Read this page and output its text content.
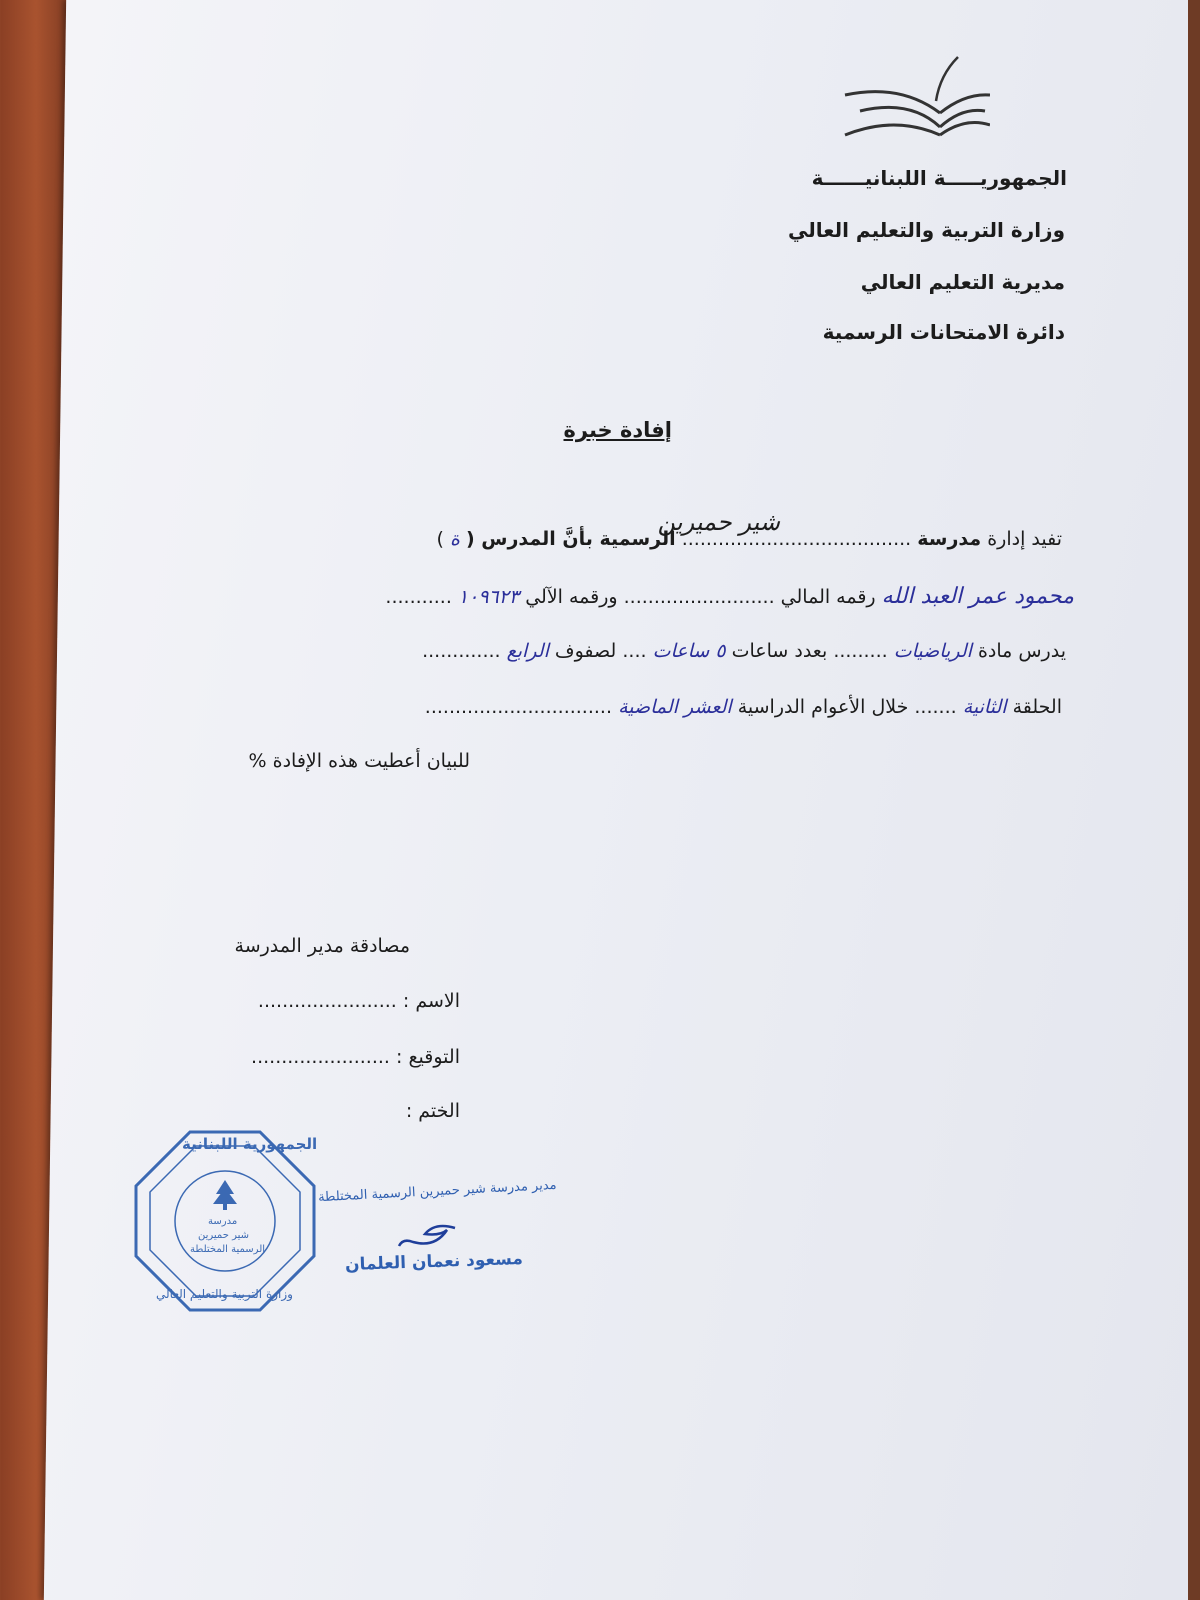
الجمهوريـــــة اللبنانيــــــة
وزارة التربية والتعليم العالي
مديرية التعليم العالي
دائرة الامتحانات الرسمية
إفادة خبرة
تفيد إدارة مدرسة ...................................... الرسمية بأنَّ المدرس ( ة )
شير حميرين
محمود عمر العبد الله رقمه المالي ......................... ورقمه الآلي ١٠٩٦٢٣ ...........
يدرس مادة الرياضيات ......... بعدد ساعات ٥ ساعات .... لصفوف الرابع .............
الحلقة الثانية ....... خلال الأعوام الدراسية العشر الماضية ...............................
للبيان أعطيت هذه الإفادة %
مصادقة مدير المدرسة
الاسم : .......................
التوقيع : .......................
الختم :
الجمهورية اللبنانية
وزارة التربية والتعليم العالي
مدرسة
شير حميرين
الرسمية المختلطة
مدير مدرسة شير حميرين الرسمية المختلطة
مسعود نعمان العلمان
